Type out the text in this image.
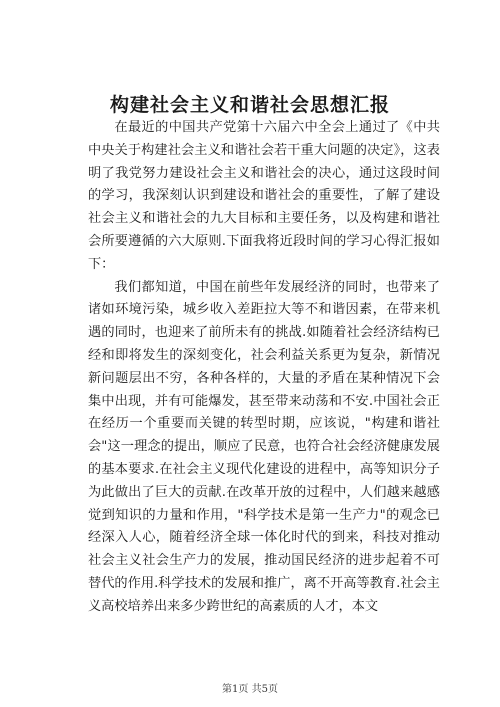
构建社会主义和谐社会思想汇报

在最近的中国共产党第十六届六中全会上通过了《中共中央关于构建社会主义和谐社会若干重大问题的决定》，这表明了我党努力建设社会主义和谐社会的决心，通过这段时间的学习，我深刻认识到建设和谐社会的重要性，了解了建设社会主义和谐社会的九大目标和主要任务，以及构建和谐社会所要遵循的六大原则.下面我将近段时间的学习心得汇报如下：

我们都知道，中国在前些年发展经济的同时，也带来了诸如环境污染，城乡收入差距拉大等不和谐因素，在带来机遇的同时，也迎来了前所未有的挑战.如随着社会经济结构已经和即将发生的深刻变化，社会利益关系更为复杂，新情况新问题层出不穷，各种各样的，大量的矛盾在某种情况下会集中出现，并有可能爆发，甚至带来动荡和不安.中国社会正在经历一个重要而关键的转型时期，应该说，"构建和谐社会"这一理念的提出，顺应了民意，也符合社会经济健康发展的基本要求.在社会主义现代化建设的进程中，高等知识分子为此做出了巨大的贡献.在改革开放的过程中，人们越来越感觉到知识的力量和作用，"科学技术是第一生产力"的观念已经深入人心，随着经济全球一体化时代的到来，科技对推动社会主义社会生产力的发展，推动国民经济的进步起着不可替代的作用.科学技术的发展和推广，离不开高等教育.社会主义高校培养出来多少跨世纪的高素质的人才，本文

第1页 共5页
